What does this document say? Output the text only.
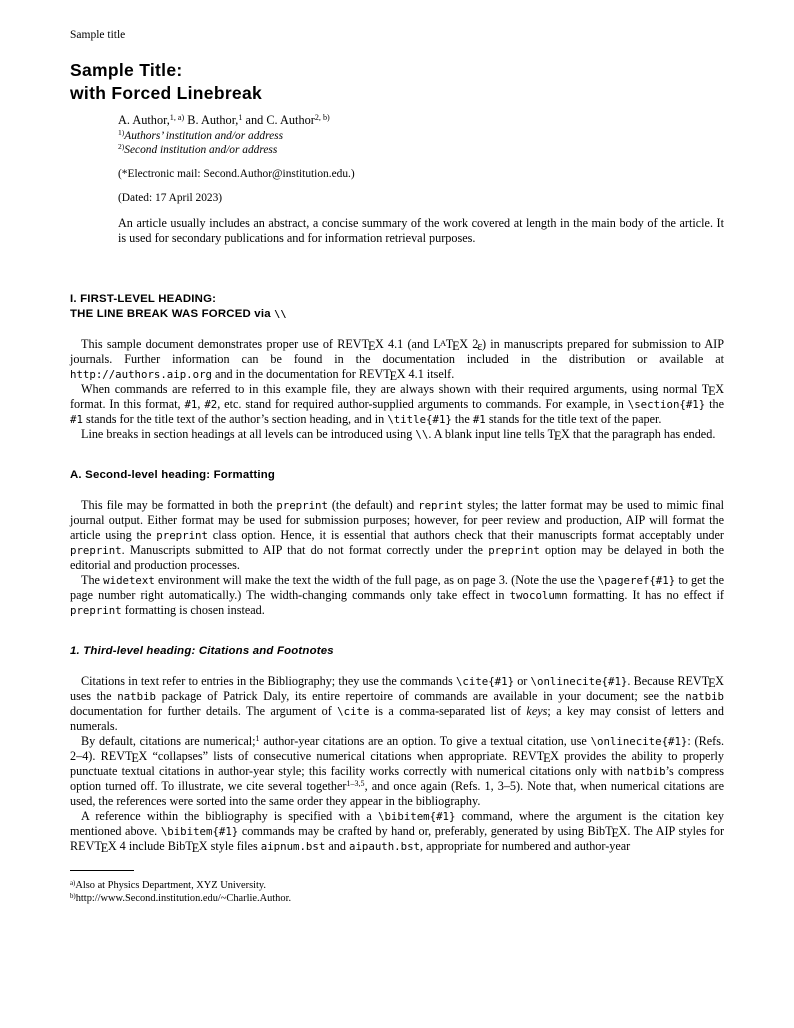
Sample title
Sample Title:
with Forced Linebreak
A. Author,$^{1, a)}$ B. Author,$^1$ and C. Author$^{2, b)}$
$^{1)}$Authors’ institution and/or address
$^{2)}$Second institution and/or address
(*Electronic mail: Second.Author@institution.edu.)
(Dated: 17 April 2023)

An article usually includes an abstract, a concise summary of the work covered at length in the main body of the article. It is used for secondary publications and for information retrieval purposes.

I. FIRST-LEVEL HEADING:
THE LINE BREAK WAS FORCED via \\

This sample document demonstrates proper use of REVTEX 4.1 (and $L^ATEX$ 2ε) in manuscripts prepared for submission to AIP journals. Further information can be found in the documentation included in the distribution or available at http://authors.aip.org and in the documentation for REVTEX 4.1 itself.

When commands are referred to in this example file, they are always shown with their required arguments, using normal TEX format. In this format, #1, #2, etc. stand for required author-supplied arguments to commands. For example, in \section{#1} the #1 stands for the title text of the author’s section heading, and in \title{#1} the #1 stands for the title text of the paper.

Line breaks in section headings at all levels can be introduced using \\. A blank input line tells TEX that the paragraph has ended.

A. Second-level heading: Formatting

This file may be formatted in both the preprint (the default) and reprint styles; the latter format may be used to mimic final journal output. Either format may be used for submission purposes; however, for peer review and production, AIP will format the article using the preprint class option. Hence, it is essential that authors check that their manuscripts format acceptably under preprint. Manuscripts submitted to AIP that do not format correctly under the preprint option may be delayed in both the editorial and production processes.

The widetext environment will make the text the width of the full page, as on page 3. (Note the use the \pageref{#1} to get the page number right automatically.) The width-changing commands only take effect in twocolumn formatting. It has no effect if preprint formatting is chosen instead.

1. Third-level heading: Citations and Footnotes

Citations in text refer to entries in the Bibliography; they use the commands \cite{#1} or \onlinecite{#1}. Because REVTEX uses the natbib package of Patrick Daly, its entire repertoire of commands are available in your document; see the natbib documentation for further details. The argument of \cite is a comma-separated list of keys; a key may consist of letters and numerals.

By default, citations are numerical;$^1$ author-year citations are an option. To give a textual citation, use \onlinecite{#1}: (Refs. 2–4). REVTEX “collapses” lists of consecutive numerical citations when appropriate. REVTEX provides the ability to properly punctuate textual citations in author-year style; this facility works correctly with numerical citations only with natbib’s compress option turned off. To illustrate, we cite several together$^{1-3,5}$, and once again (Refs. 1, 3–5). Note that, when numerical citations are used, the references were sorted into the same order they appear in the bibliography.

A reference within the bibliography is specified with a \bibitem{#1} command, where the argument is the citation key mentioned above. \bibitem{#1} commands may be crafted by hand or, preferably, generated by using BibTEX. The AIP styles for REVTEX 4 include BibTEX style files aipnum.bst and aipauth.bst, appropriate for numbered and author-year

$^{a)}$Also at Physics Department, XYZ University.
$^{b)}$http://www.Second.institution.edu/~Charlie.Author.
